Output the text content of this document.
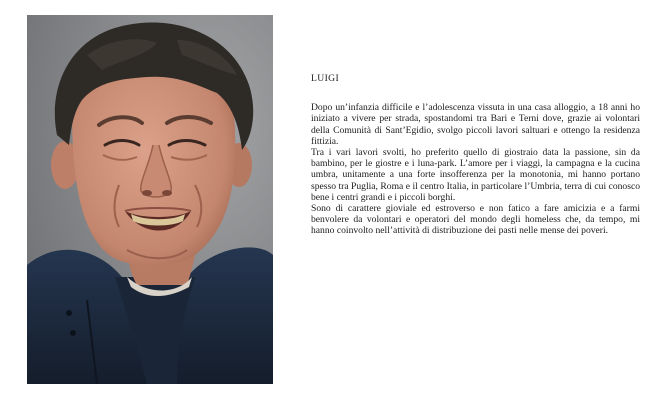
LUIGI

Dopo un’infanzia difficile e l’adolescenza vissuta in una casa alloggio, a 18 anni ho iniziato a vivere per strada, spostandomi tra Bari e Terni dove, grazie ai volontari della Comunità di Sant’Egidio, svolgo piccoli lavori saltuari e ottengo la residenza fittizia.

Tra i vari lavori svolti, ho preferito quello di giostraio data la passione, sin da bambino, per le giostre e i luna-park. L’amore per i viaggi, la campagna e la cucina umbra, unitamente a una forte insofferenza per la monotonia, mi hanno portano spesso tra Puglia, Roma e il centro Italia, in particolare l’Umbria, terra di cui conosco bene i centri grandi e i piccoli borghi.

Sono di carattere gioviale ed estroverso e non fatico a fare amicizia e a farmi benvolere da volontari e operatori del mondo degli homeless che, da tempo, mi hanno coinvolto nell’attività di distribuzione dei pasti nelle mense dei poveri.
